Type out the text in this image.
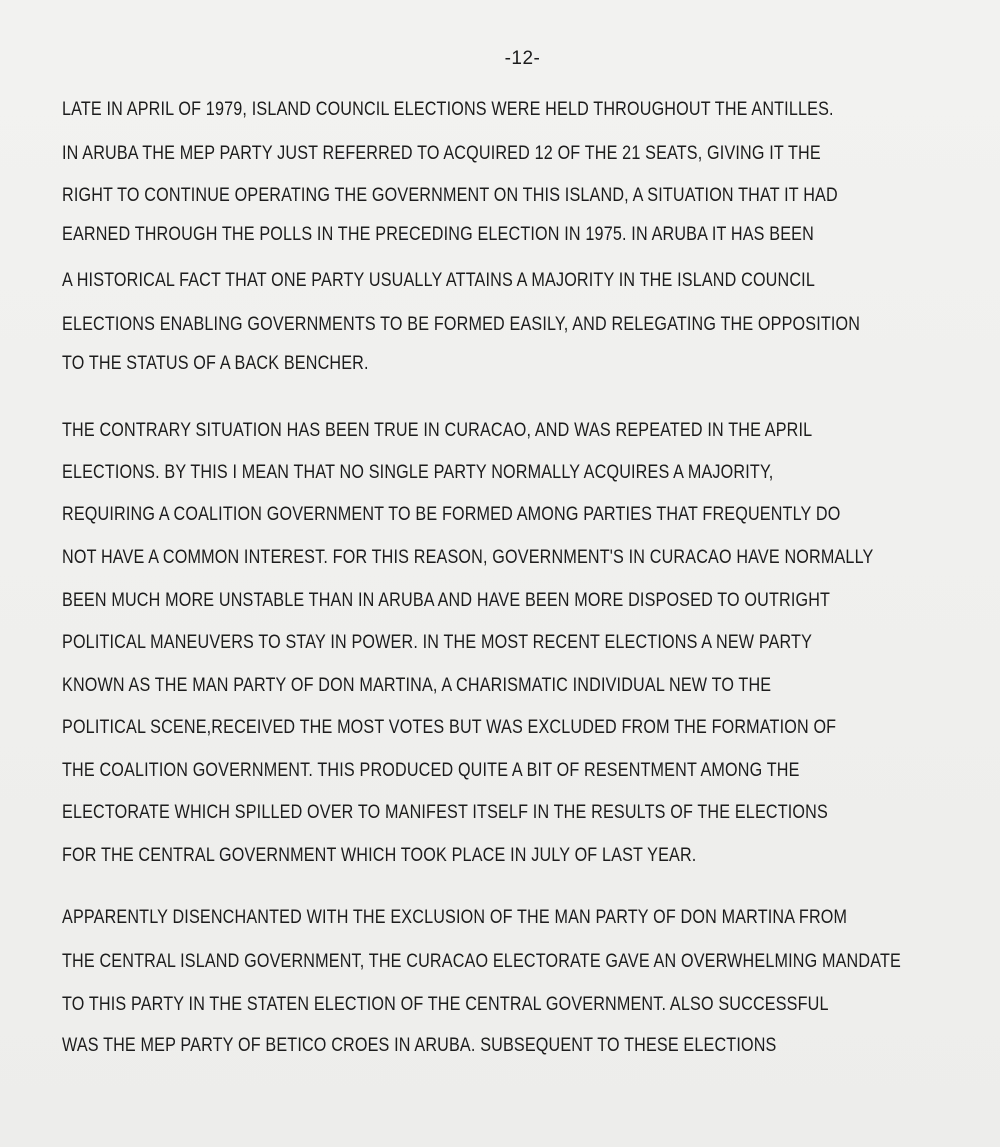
-12-
LATE IN APRIL OF 1979, ISLAND COUNCIL ELECTIONS WERE HELD THROUGHOUT THE ANTILLES.
IN ARUBA THE MEP PARTY JUST REFERRED TO ACQUIRED 12 OF THE 21 SEATS, GIVING IT THE
RIGHT TO CONTINUE OPERATING THE GOVERNMENT ON THIS ISLAND, A SITUATION THAT IT HAD
EARNED THROUGH THE POLLS IN THE PRECEDING ELECTION IN 1975. IN ARUBA IT HAS BEEN
A HISTORICAL FACT THAT ONE PARTY USUALLY ATTAINS A MAJORITY IN THE ISLAND COUNCIL
ELECTIONS ENABLING GOVERNMENTS TO BE FORMED EASILY, AND RELEGATING THE OPPOSITION
TO THE STATUS OF A BACK BENCHER.
THE CONTRARY SITUATION HAS BEEN TRUE IN CURACAO, AND WAS REPEATED IN THE APRIL
ELECTIONS. BY THIS I MEAN THAT NO SINGLE PARTY NORMALLY ACQUIRES A MAJORITY,
REQUIRING A COALITION GOVERNMENT TO BE FORMED AMONG PARTIES THAT FREQUENTLY DO
NOT HAVE A COMMON INTEREST. FOR THIS REASON, GOVERNMENT'S IN CURACAO HAVE NORMALLY
BEEN MUCH MORE UNSTABLE THAN IN ARUBA AND HAVE BEEN MORE DISPOSED TO OUTRIGHT
POLITICAL MANEUVERS TO STAY IN POWER. IN THE MOST RECENT ELECTIONS A NEW PARTY
KNOWN AS THE MAN PARTY OF DON MARTINA, A CHARISMATIC INDIVIDUAL NEW TO THE
POLITICAL SCENE,RECEIVED THE MOST VOTES BUT WAS EXCLUDED FROM THE FORMATION OF
THE COALITION GOVERNMENT. THIS PRODUCED QUITE A BIT OF RESENTMENT AMONG THE
ELECTORATE WHICH SPILLED OVER TO MANIFEST ITSELF IN THE RESULTS OF THE ELECTIONS
FOR THE CENTRAL GOVERNMENT WHICH TOOK PLACE IN JULY OF LAST YEAR.
APPARENTLY DISENCHANTED WITH THE EXCLUSION OF THE MAN PARTY OF DON MARTINA FROM
THE CENTRAL ISLAND GOVERNMENT, THE CURACAO ELECTORATE GAVE AN OVERWHELMING MANDATE
TO THIS PARTY IN THE STATEN ELECTION OF THE CENTRAL GOVERNMENT. ALSO SUCCESSFUL
WAS THE MEP PARTY OF BETICO CROES IN ARUBA. SUBSEQUENT TO THESE ELECTIONS
